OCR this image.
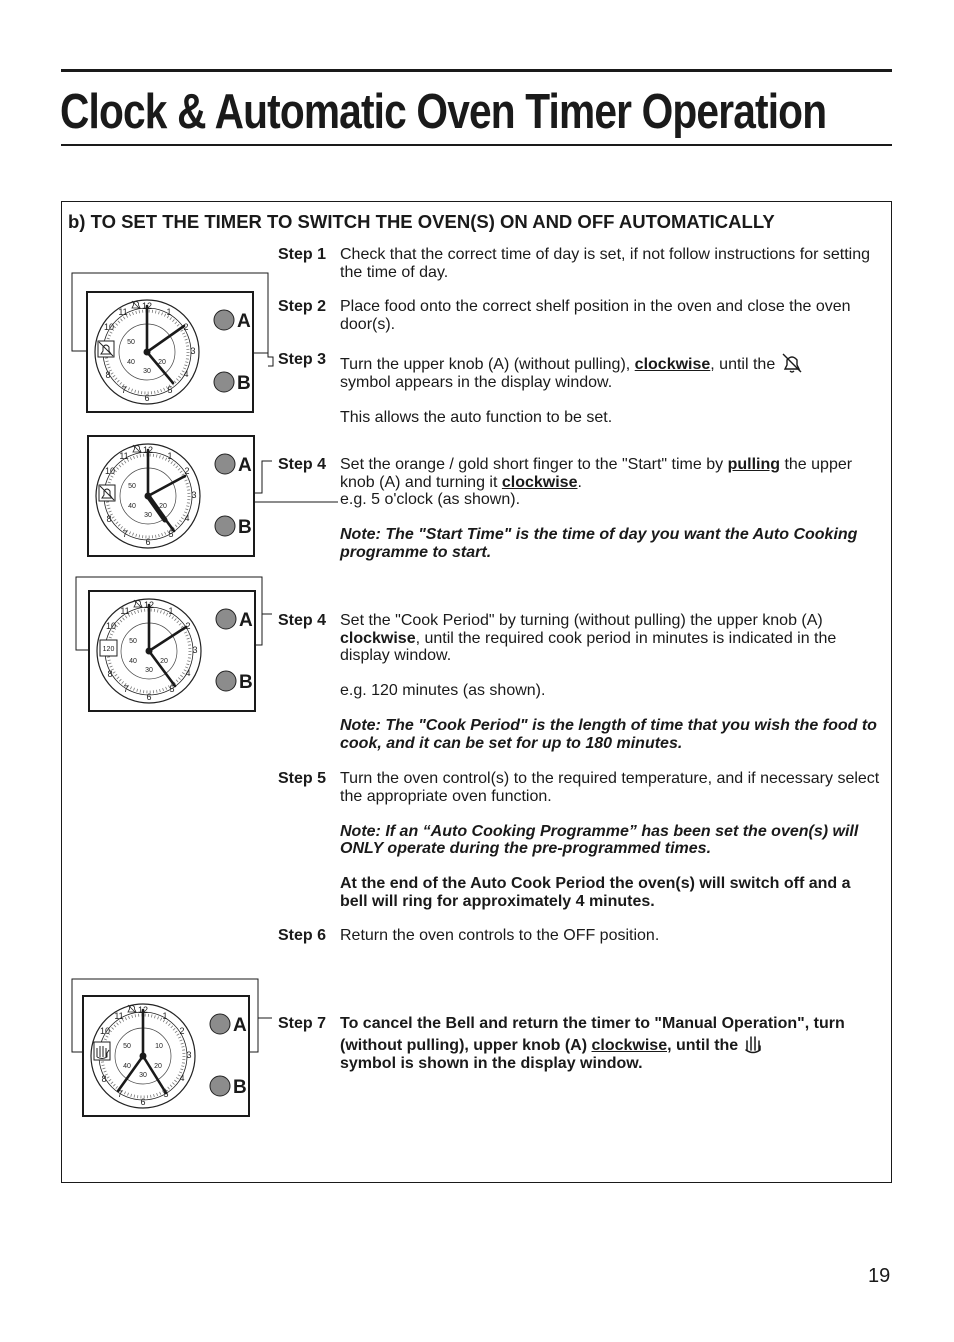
Clock & Automatic Oven Timer Operation
b) TO SET THE TIMER TO SWITCH THE OVEN(S) ON AND OFF AUTOMATICALLY
12
1
2
3
4
5
6
7
8
10
11
50
40
30
20
A
B
12
1
2
3
4
5
6
7
8
10
11
50
40
30
20
A
B
12
1
2
3
4
5
6
7
8
10
11
50
40
30
20
120
A
B
12
1
2
3
4
5
6
7
8
10
11
50
40
30
20
10
A
B
Step 1 Check that the correct time of day is set, if not follow instructions for setting the time of day.

Step 2 Place food onto the correct shelf position in the oven and close the oven door(s).

Step 3 Turn the upper knob (A) (without pulling), clockwise, until the
symbol appears in the display window.

This allows the auto function to be set.

Step 4 Set the orange / gold short finger to the "Start" time by pulling the upper knob (A) and turning it clockwise.

e.g. 5 o'clock (as shown).

Note: The "Start Time" is the time of day you want the Auto Cooking programme to start.

Step 4 Set the "Cook Period" by turning (without pulling) the upper knob (A) clockwise, until the required cook period in minutes is indicated in the display window.

e.g. 120 minutes (as shown).

Note: The "Cook Period" is the length of time that you wish the food to cook, and it can be set for up to 180 minutes.

Step 5 Turn the oven control(s) to the required temperature, and if necessary select the appropriate oven function.

Note: If an “Auto Cooking Programme” has been set the oven(s) will ONLY operate during the pre-programmed times.

At the end of the Auto Cook Period the oven(s) will switch off and a bell will ring for approximately 4 minutes.

Step 6 Return the oven controls to the OFF position.

Step 7 To cancel the Bell and return the timer to "Manual Operation", turn (without pulling), upper knob (A) clockwise, until the
symbol is shown in the display window.

19
